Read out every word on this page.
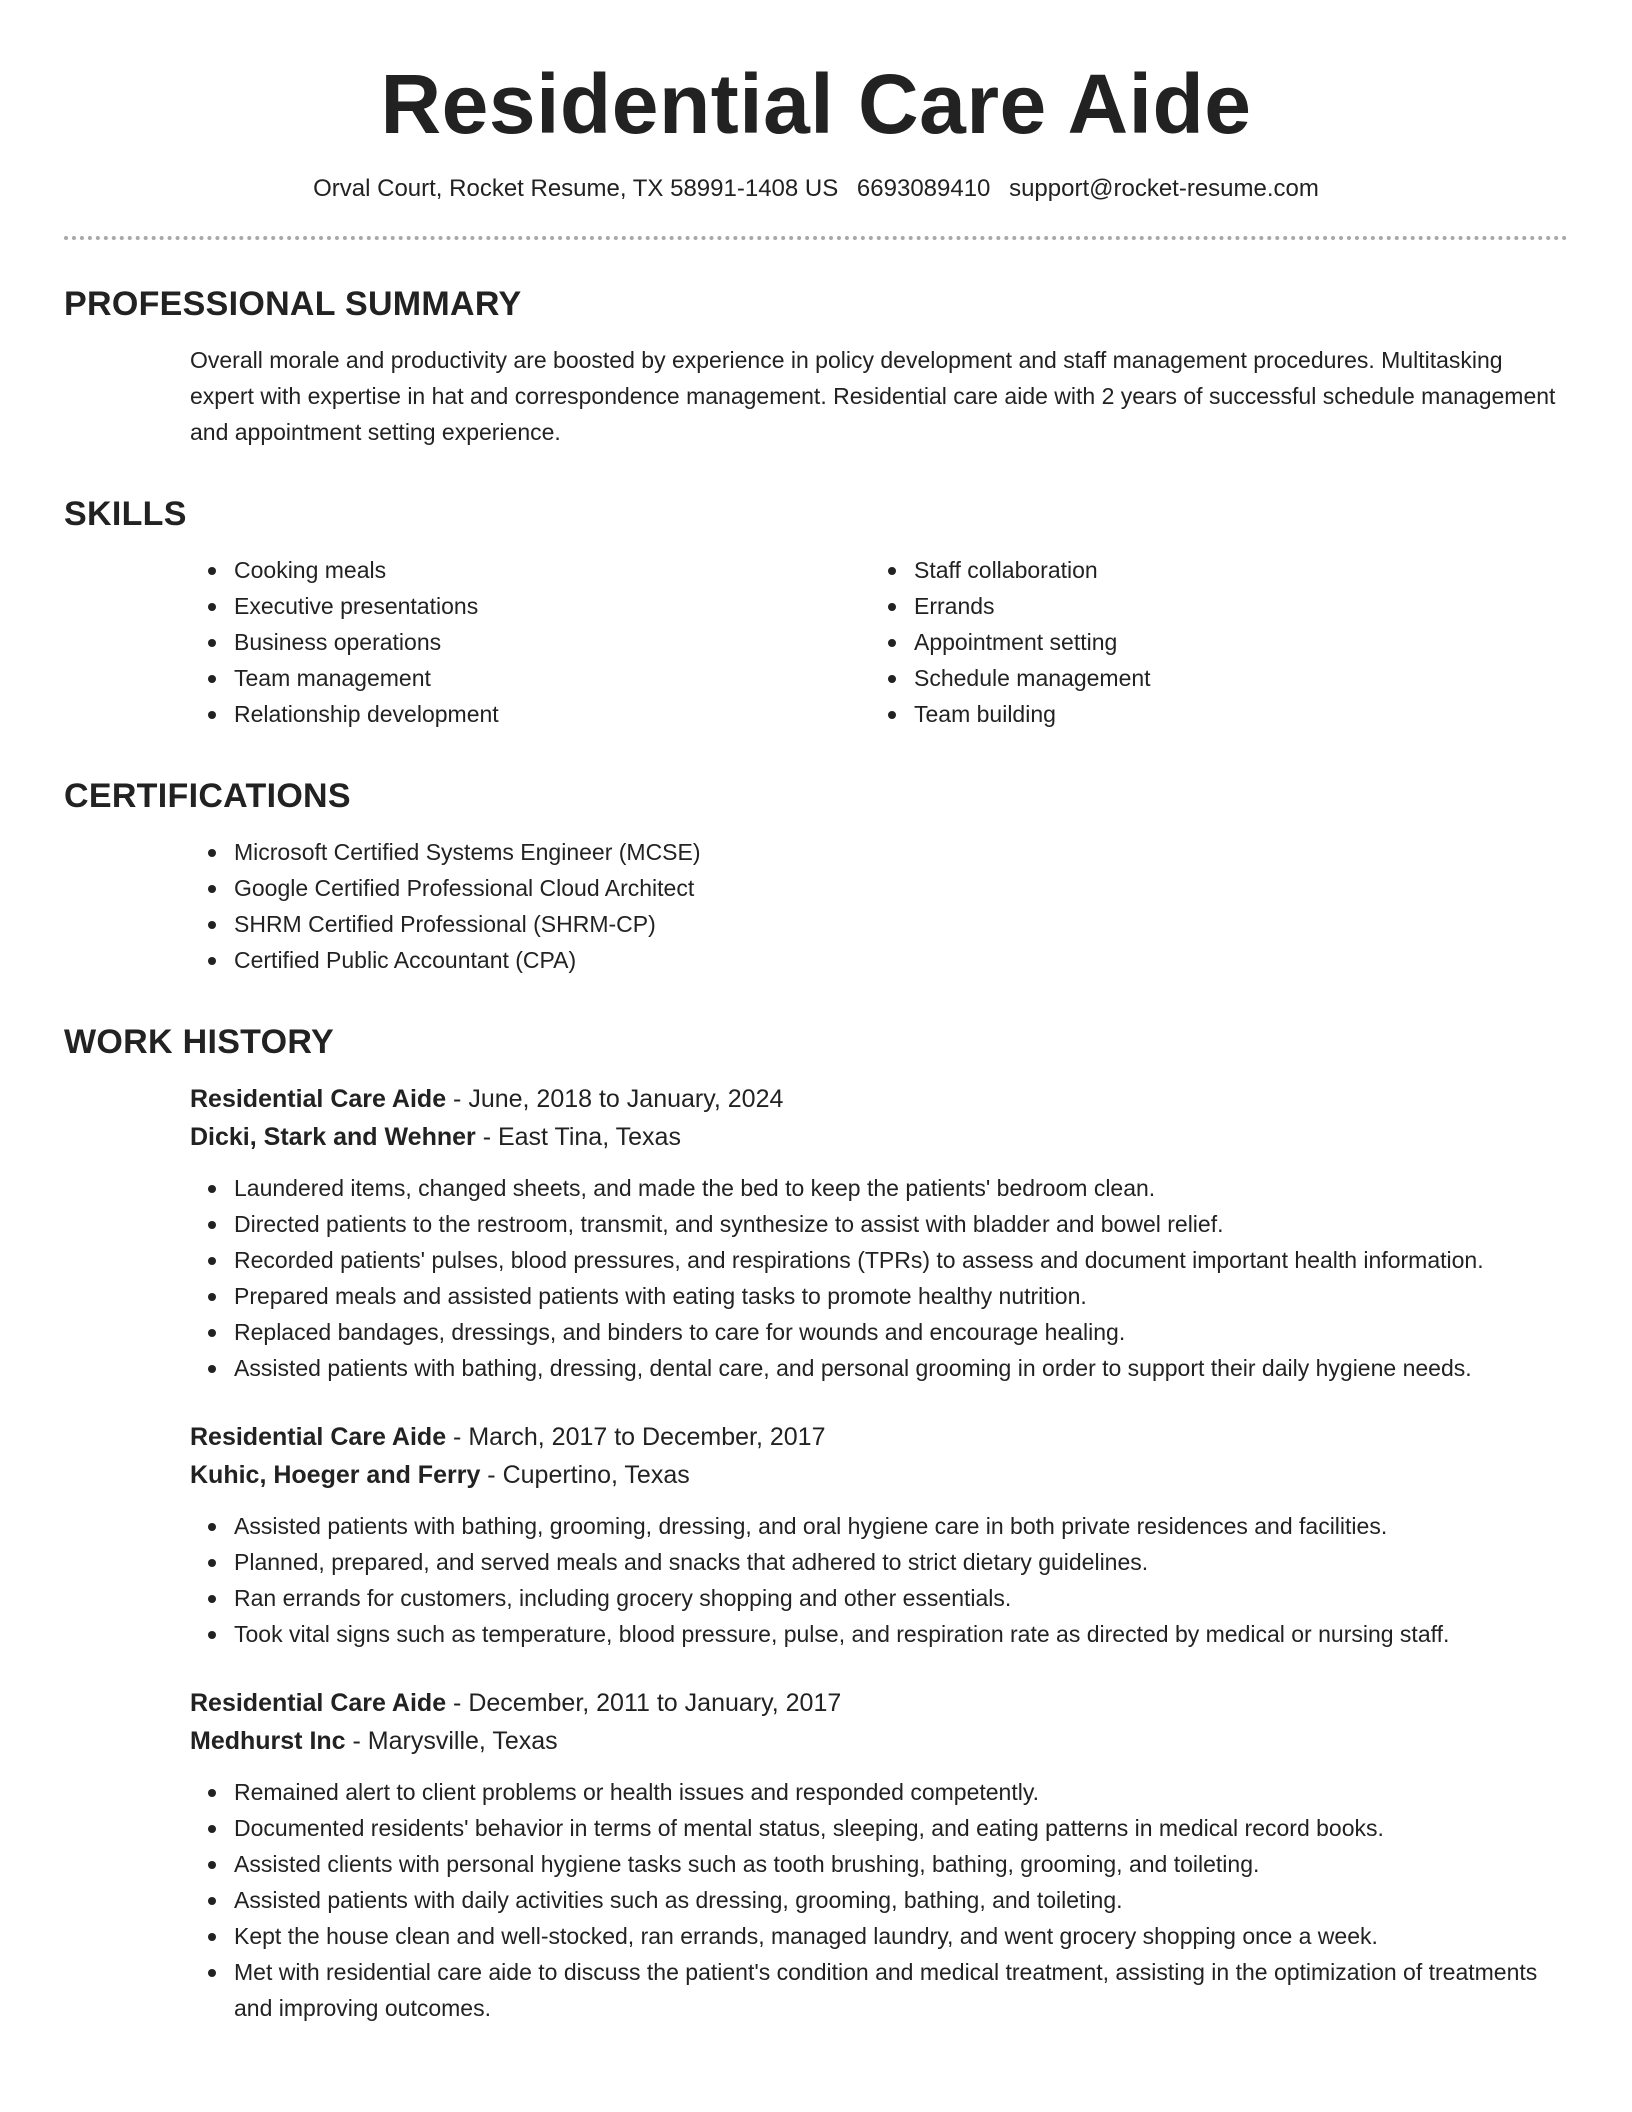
Residential Care Aide
Orval Court, Rocket Resume, TX 58991-1408 US 6693089410 support@rocket-resume.com
PROFESSIONAL SUMMARY

Overall morale and productivity are boosted by experience in policy development and staff management procedures. Multitasking expert with expertise in hat and correspondence management. Residential care aide with 2 years of successful schedule management and appointment setting experience.

SKILLS
Cooking meals
Executive presentations
Business operations
Team management
Relationship development
Staff collaboration
Errands
Appointment setting
Schedule management
Team building
CERTIFICATIONS
Microsoft Certified Systems Engineer (MCSE)
Google Certified Professional Cloud Architect
SHRM Certified Professional (SHRM-CP)
Certified Public Accountant (CPA)
WORK HISTORY
Residential Care Aide - June, 2018 to January, 2024
Dicki, Stark and Wehner - East Tina, Texas
Laundered items, changed sheets, and made the bed to keep the patients' bedroom clean.
Directed patients to the restroom, transmit, and synthesize to assist with bladder and bowel relief.
Recorded patients' pulses, blood pressures, and respirations (TPRs) to assess and document important health information.
Prepared meals and assisted patients with eating tasks to promote healthy nutrition.
Replaced bandages, dressings, and binders to care for wounds and encourage healing.
Assisted patients with bathing, dressing, dental care, and personal grooming in order to support their daily hygiene needs.
Residential Care Aide - March, 2017 to December, 2017
Kuhic, Hoeger and Ferry - Cupertino, Texas
Assisted patients with bathing, grooming, dressing, and oral hygiene care in both private residences and facilities.
Planned, prepared, and served meals and snacks that adhered to strict dietary guidelines.
Ran errands for customers, including grocery shopping and other essentials.
Took vital signs such as temperature, blood pressure, pulse, and respiration rate as directed by medical or nursing staff.
Residential Care Aide - December, 2011 to January, 2017
Medhurst Inc - Marysville, Texas
Remained alert to client problems or health issues and responded competently.
Documented residents' behavior in terms of mental status, sleeping, and eating patterns in medical record books.
Assisted clients with personal hygiene tasks such as tooth brushing, bathing, grooming, and toileting.
Assisted patients with daily activities such as dressing, grooming, bathing, and toileting.
Kept the house clean and well-stocked, ran errands, managed laundry, and went grocery shopping once a week.
Met with residential care aide to discuss the patient's condition and medical treatment, assisting in the optimization of treatments and improving outcomes.
